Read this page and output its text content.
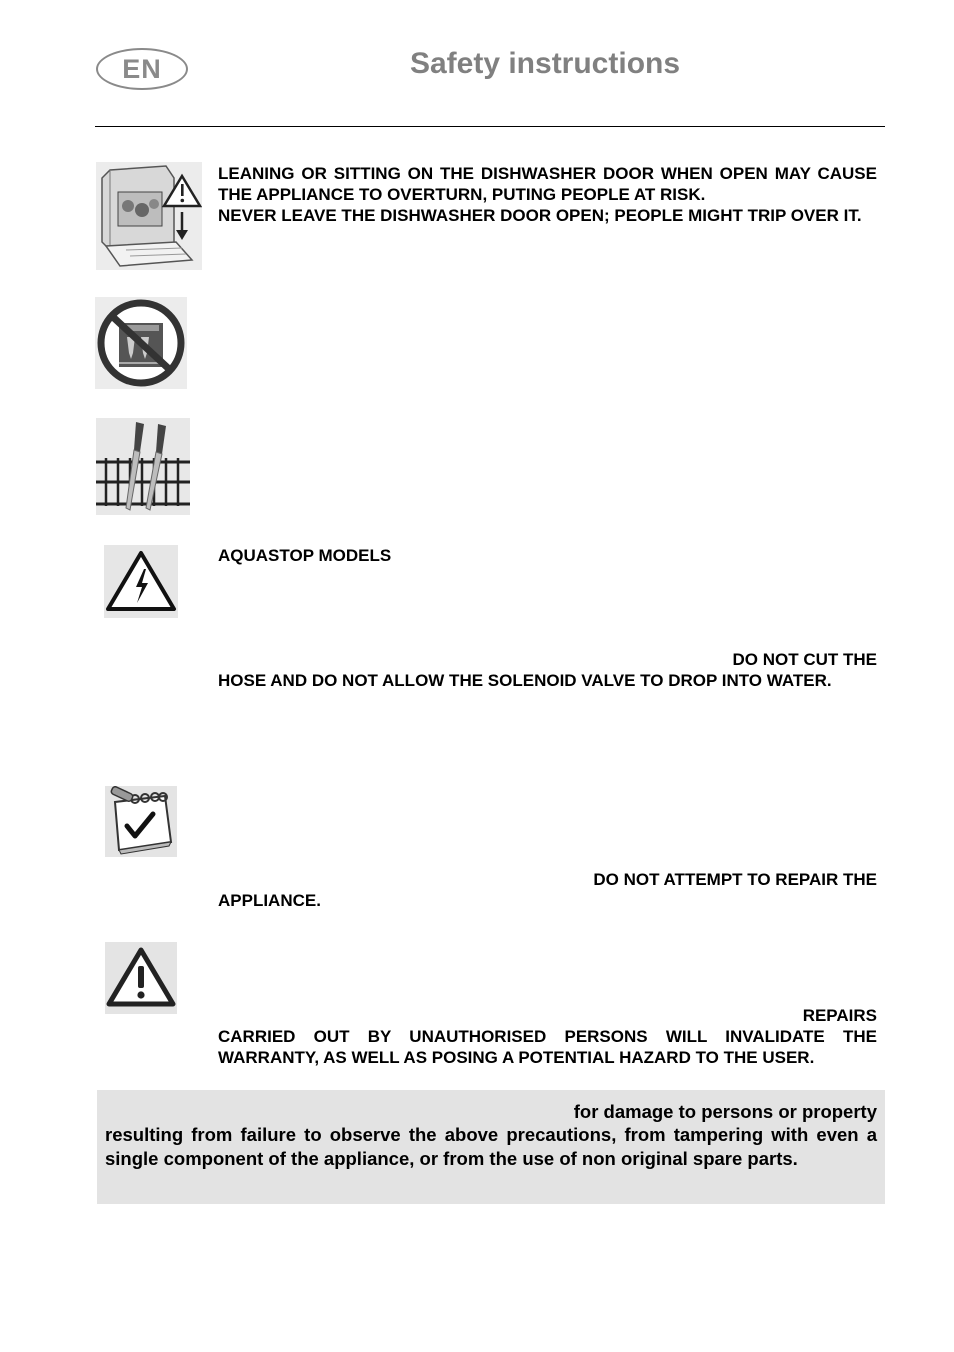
EN	Safety instructions

LEANING OR SITTING ON THE DISHWASHER DOOR WHEN OPEN MAY CAUSE THE APPLIANCE TO OVERTURN, PUTING PEOPLE AT RISK.

NEVER LEAVE THE DISHWASHER DOOR OPEN; PEOPLE MIGHT TRIP OVER IT.

AQUASTOP MODELS

DO NOT CUT THE

HOSE AND DO NOT ALLOW THE SOLENOID VALVE TO DROP INTO WATER.

DO NOT ATTEMPT TO REPAIR THE

APPLIANCE.

REPAIRS

CARRIED OUT BY UNAUTHORISED PERSONS WILL INVALIDATE THE WARRANTY, AS WELL AS POSING A POTENTIAL HAZARD TO THE USER.

for damage to persons or property

resulting from failure to observe the above precautions, from tampering with even a single component of the appliance, or from the use of non original spare parts.
